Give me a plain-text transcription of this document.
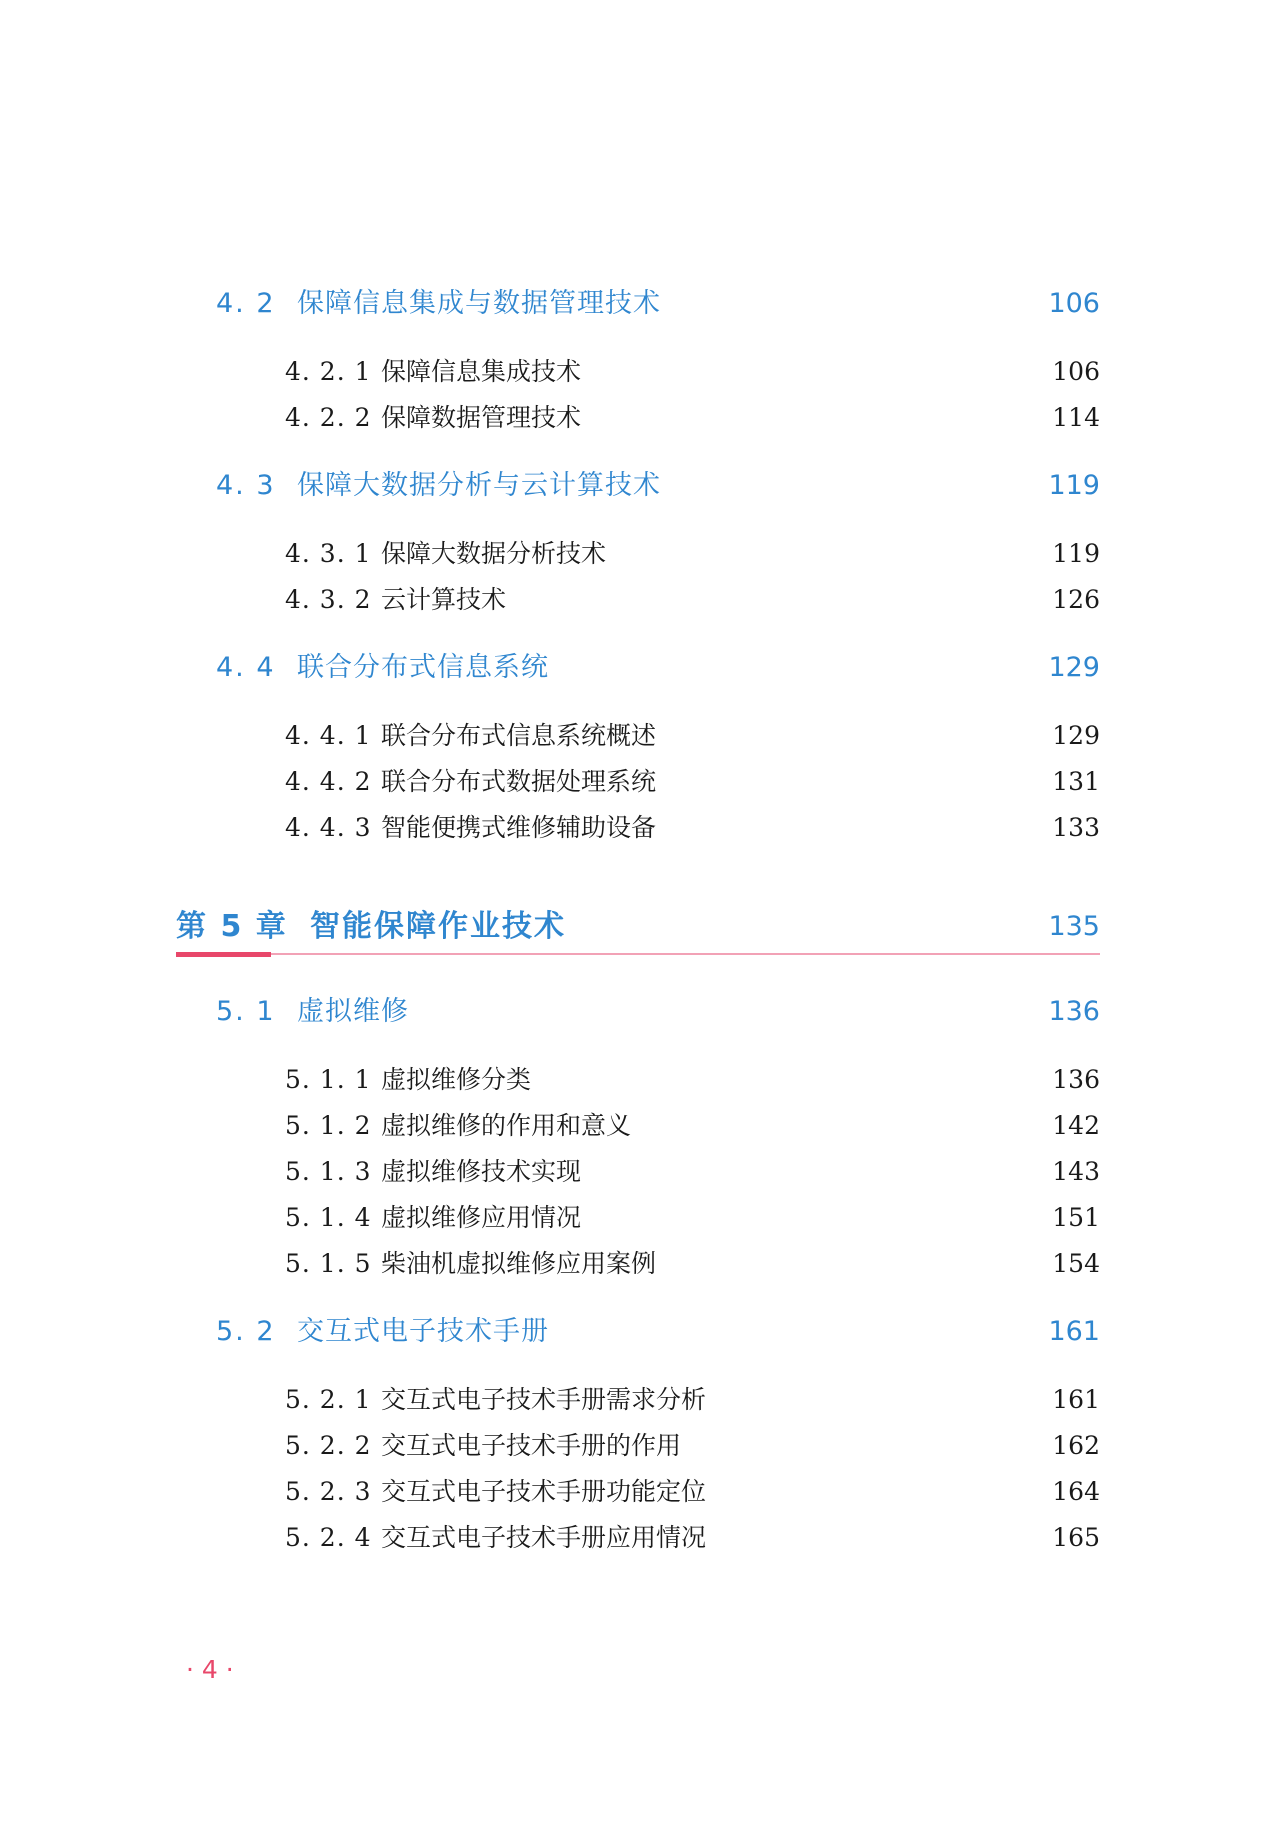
4. 2 保障信息集成与数据管理技术	106
4. 2. 1 保障信息集成技术	106
4. 2. 2 保障数据管理技术	114
4. 3 保障大数据分析与云计算技术	119
4. 3. 1 保障大数据分析技术	119
4. 3. 2 云计算技术	126
4. 4 联合分布式信息系统	129
4. 4. 1 联合分布式信息系统概述	129
4. 4. 2 联合分布式数据处理系统	131
4. 4. 3 智能便携式维修辅助设备	133
第 5 章 智能保障作业技术	135
5. 1 虚拟维修	136
5. 1. 1 虚拟维修分类	136
5. 1. 2 虚拟维修的作用和意义	142
5. 1. 3 虚拟维修技术实现	143
5. 1. 4 虚拟维修应用情况	151
5. 1. 5 柴油机虚拟维修应用案例	154
5. 2 交互式电子技术手册	161
5. 2. 1 交互式电子技术手册需求分析	161
5. 2. 2 交互式电子技术手册的作用	162
5. 2. 3 交互式电子技术手册功能定位	164
5. 2. 4 交互式电子技术手册应用情况	165
· 4 ·
